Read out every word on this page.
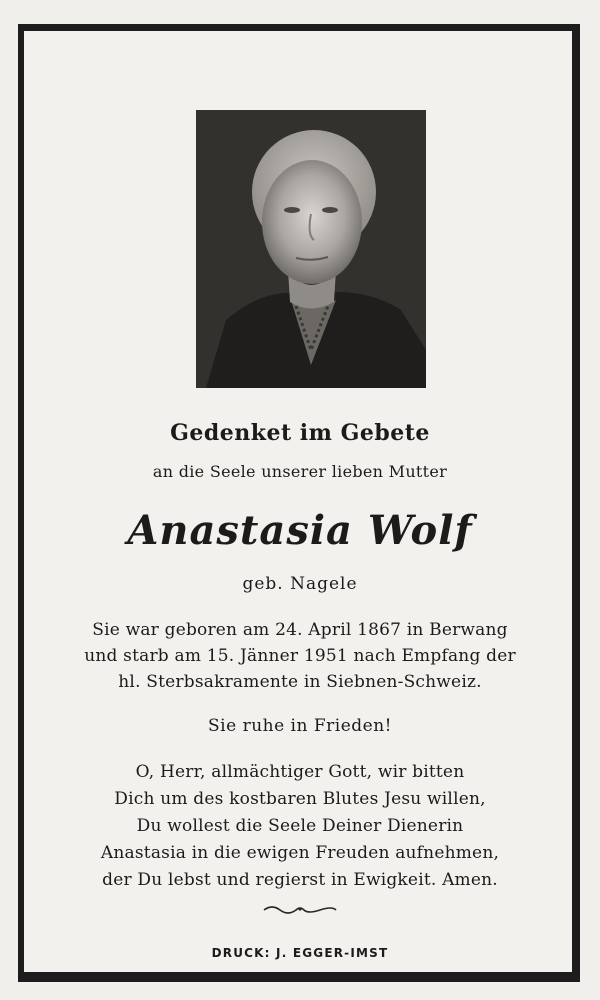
Gedenket im Gebete

an die Seele unserer lieben Mutter

Anastasia Wolf

geb. Nagele

Sie war geboren am 24. April 1867 in Berwang

und starb am 15. Jänner 1951 nach Empfang der

hl. Sterbsakramente in Siebnen-Schweiz.

Sie ruhe in Frieden!

O, Herr, allmächtiger Gott, wir bitten

Dich um des kostbaren Blutes Jesu willen,

Du wollest die Seele Deiner Dienerin

Anastasia in die ewigen Freuden aufnehmen,

der Du lebst und regierst in Ewigkeit. Amen.

DRUCK: J. EGGER-IMST
